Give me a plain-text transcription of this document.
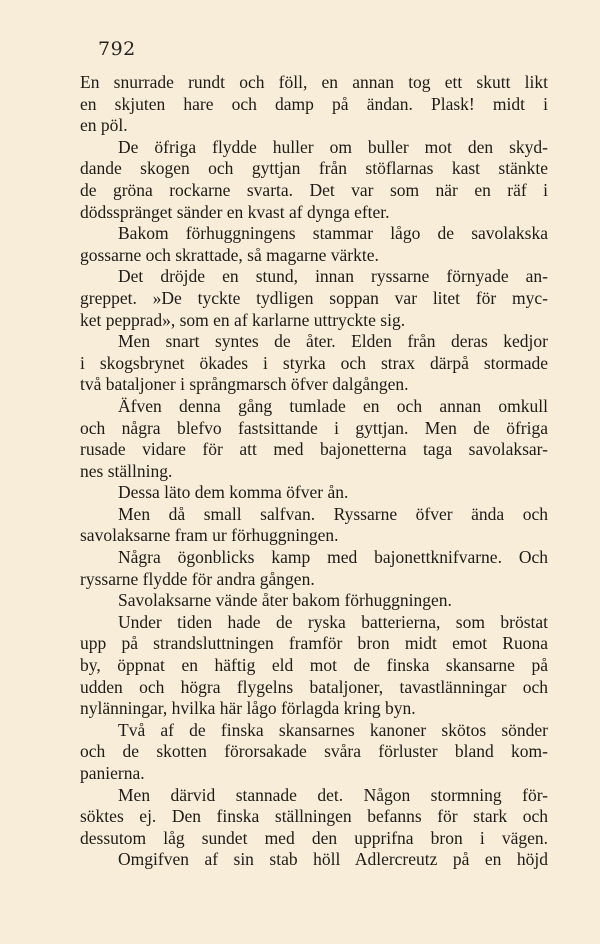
792
En snurrade rundt och föll, en annan tog ett skutt likt
en skjuten hare och damp på ändan. Plask! midt i
en pöl.
De öfriga flydde huller om buller mot den skyd-
dande skogen och gyttjan från stöflarnas kast stänkte
de gröna rockarne svarta. Det var som när en räf i
dödsspränget sänder en kvast af dynga efter.
Bakom förhuggningens stammar lågo de savolakska
gossarne och skrattade, så magarne värkte.
Det dröjde en stund, innan ryssarne förnyade an-
greppet. »De tyckte tydligen soppan var litet för myc-
ket pepprad», som en af karlarne uttryckte sig.
Men snart syntes de åter. Elden från deras kedjor
i skogsbrynet ökades i styrka och strax därpå stormade
två bataljoner i språngmarsch öfver dalgången.
Äfven denna gång tumlade en och annan omkull
och några blefvo fastsittande i gyttjan. Men de öfriga
rusade vidare för att med bajonetterna taga savolaksar-
nes ställning.
Dessa läto dem komma öfver ån.
Men då small salfvan. Ryssarne öfver ända och
savolaksarne fram ur förhuggningen.
Några ögonblicks kamp med bajonettknifvarne. Och
ryssarne flydde för andra gången.
Savolaksarne vände åter bakom förhuggningen.
Under tiden hade de ryska batterierna, som bröstat
upp på strandsluttningen framför bron midt emot Ruona
by, öppnat en häftig eld mot de finska skansarne på
udden och högra flygelns bataljoner, tavastlänningar och
nylänningar, hvilka här lågo förlagda kring byn.
Två af de finska skansarnes kanoner skötos sönder
och de skotten förorsakade svåra förluster bland kom-
panierna.
Men därvid stannade det. Någon stormning för-
söktes ej. Den finska ställningen befanns för stark och
dessutom låg sundet med den upprifna bron i vägen.
Omgifven af sin stab höll Adlercreutz på en höjd
